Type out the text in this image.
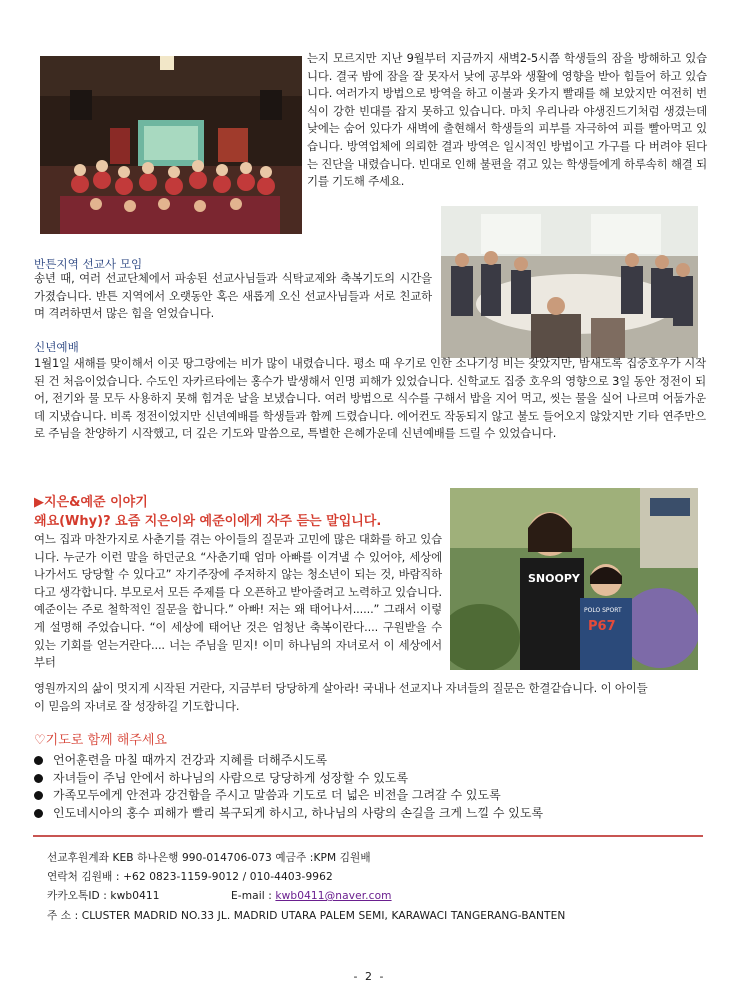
는지 모르지만 지난 9월부터 지금까지 새벽2-5시쯤 학생들의 잠을 방해하고 있습니다. 결국 밤에 잠을 잘 못자서 낮에 공부와 생활에 영향을 받아 힘들어 하고 있습니다. 여러가지 방법으로 방역을 하고 이불과 옷가지 빨래를 해 보았지만 여전히 번식이 강한 빈대를 잡지 못하고 있습니다. 마치 우리나라 야생진드기처럼 생겼는데 낮에는 숨어 있다가 새벽에 출현해서 학생들의 피부를 자극하여 피를 빨아먹고 있습니다. 방역업체에 의뢰한 결과 방역은 일시적인 방법이고 가구를 다 버려야 된다는 진단을 내렸습니다. 빈대로 인해 불편을 겪고 있는 학생들에게 하루속히 해결 되기를 기도해 주세요.

반튼지역 선교사 모임

송년 때, 여러 선교단체에서 파송된 선교사님들과 식탁교제와 축복기도의 시간을 가졌습니다. 반튼 지역에서 오랫동안 혹은 새롭게 오신 선교사님들과 서로 친교하며 격려하면서 많은 힘을 얻었습니다.

신년예배

1월1일 새해를 맞이해서 이곳 땅그랑에는 비가 많이 내렸습니다. 평소 때 우기로 인한 소나기성 비는 잦았지만, 밤새도록 집중호우가 시작된 건 처음이었습니다. 수도인 자카르타에는 홍수가 발생해서 인명 피해가 있었습니다. 신학교도 집중 호우의 영향으로 3일 동안 정전이 되어, 전기와 물 모두 사용하지 못해 힘겨운 날을 보냈습니다. 여러 방법으로 식수를 구해서 밥을 지어 먹고, 씻는 물을 실어 나르며 어둠가운데 지냈습니다. 비록 정전이었지만 신년예배를 학생들과 함께 드렸습니다. 에어컨도 작동되지 않고 불도 들어오지 않았지만 기타 연주만으로 주님을 찬양하기 시작했고, 더 깊은 기도와 말씀으로, 특별한 은혜가운데 신년예배를 드릴 수 있었습니다.

▶지은&예준 이야기

왜요(Why)? 요즘 지은이와 예준이에게 자주 듣는 말입니다.

SNOOPY
POLO SPORT
P67

여느 집과 마찬가지로 사춘기를 겪는 아이들의 질문과 고민에 많은 대화를 하고 있습니다. 누군가 이런 말을 하던군요 “사춘기때 엄마 아빠를 이겨낼 수 있어야, 세상에 나가서도 당당할 수 있다고” 자기주장에 주저하지 않는 청소년이 되는 것, 바람직하다고 생각합니다. 부모로서 모든 주제를 다 오픈하고 받아줄려고 노력하고 있습니다. 예준이는 주로 철학적인 질문을 합니다.” 아빠! 저는 왜 태어나서......” 그래서 이렇게 설명해 주었습니다. “이 세상에 태어난 것은 엄청난 축복이란다.... 구원받을 수 있는 기회를 얻는거란다.... 너는 주님을 믿지! 이미 하나님의 자녀로서 이 세상에서 부터

영원까지의 삶이 멋지게 시작된 거란다, 지금부터 당당하게 살아라! 국내나 선교지나 자녀들의 질문은 한결같습니다. 이 아이들이 믿음의 자녀로 잘 성장하길 기도합니다.

♡기도로 함께 해주세요

언어훈련을 마칠 때까지 건강과 지혜를 더해주시도록
자녀들이 주님 안에서 하나님의 사람으로 당당하게 성장할 수 있도록
가족모두에게 안전과 강건함을 주시고 말씀과 기도로 더 넓은 비전을 그려갈 수 있도록
인도네시아의 홍수 피해가 빨리 복구되게 하시고, 하나님의 사랑의 손길을 크게 느낄 수 있도록
선교후원계좌 KEB 하나은행 990-014706-073 예금주 :KPM 김원배
연락처 김원배 : +62 0823-1159-9012 / 010-4403-9962
카카오톡ID : kwb0411	E-mail : kwb0411@naver.com
주 소 : CLUSTER MADRID NO.33 JL. MADRID UTARA PALEM SEMI, KARAWACI TANGERANG-BANTEN
- 2 -
